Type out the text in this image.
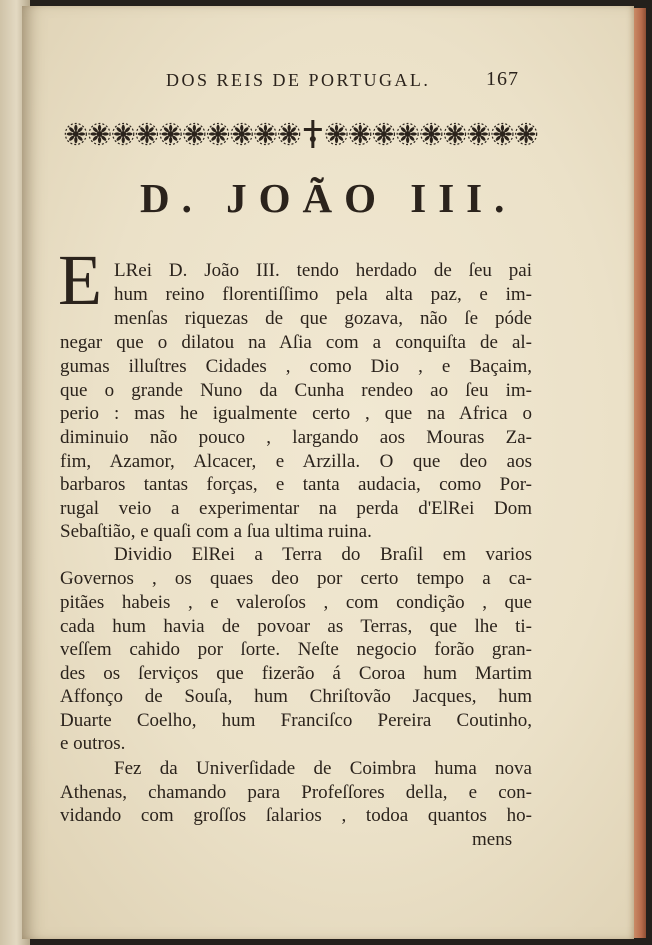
DOS REIS DE PORTUGAL.	167
D. JOÃO III.
E LRei D. João III. tendo herdado de ſeu pai
hum reino florentiſſimo pela alta paz, e im-
menſas riquezas de que gozava, não ſe póde
negar que o dilatou na Aſia com a conquiſta de al-
gumas illuſtres Cidades , como Dio , e Baçaim,
que o grande Nuno da Cunha rendeo ao ſeu im-
perio : mas he igualmente certo , que na Africa o
diminuio não pouco , largando aos Mouras Za-
fim, Azamor, Alcacer, e Arzilla. O que deo aos
barbaros tantas forças, e tanta audacia, como Por-
rugal veio a experimentar na perda d'ElRei Dom
Sebaſtião, e quaſi com a ſua ultima ruina.
Dividio ElRei a Terra do Braſil em varios
Governos , os quaes deo por certo tempo a ca-
pitães habeis , e valeroſos , com condição , que
cada hum havia de povoar as Terras, que lhe ti-
veſſem cahido por ſorte. Neſte negocio forão gran-
des os ſerviços que fizerão á Coroa hum Martim
Affonço de Souſa, hum Chriſtovão Jacques, hum
Duarte Coelho, hum Franciſco Pereira Coutinho,
e outros.
Fez da Univerſidade de Coimbra huma nova
Athenas, chamando para Profeſſores della, e con-
vidando com groſſos ſalarios , todoa quantos ho-
mens
